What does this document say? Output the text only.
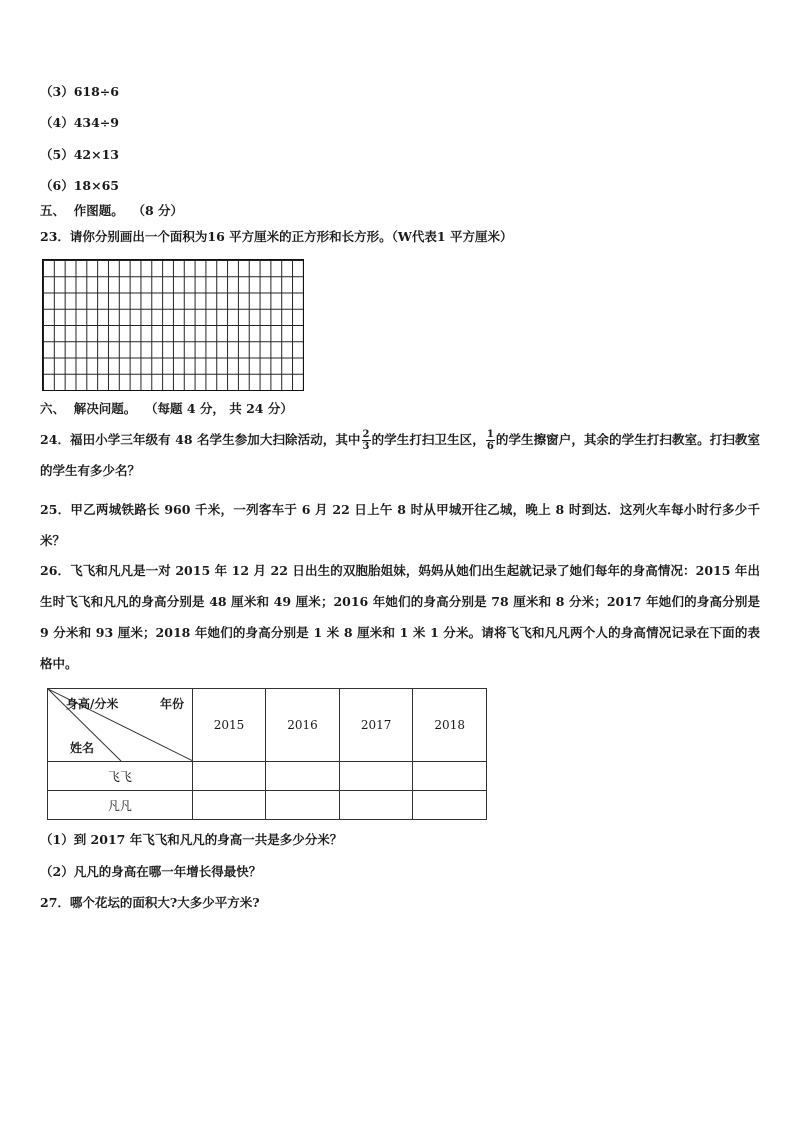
（3）618÷6
（4）434÷9
（5）42×13
（6）18×65
五、 作图题。 （8 分）
23．请你分别画出一个面积为16 平方厘米的正方形和长方形。（W代表1 平方厘米）
六、 解决问题。 （每题 4 分， 共 24 分）
24．福田小学三年级有 48 名学生参加大扫除活动，其中 $\frac{2}{3}$ 的学生打扫卫生区， $\frac{1}{6}$ 的学生擦窗户，其余的学生打扫教室。打扫教室的学生有多少名？
25．甲乙两城铁路长 960 千米，一列客车于 6 月 22 日上午 8 时从甲城开往乙城，晚上 8 时到达．这列火车每小时行多少千米？
26．飞飞和凡凡是一对 2015 年 12 月 22 日出生的双胞胎姐妹，妈妈从她们出生起就记录了她们每年的身高情况：2015 年出生时飞飞和凡凡的身高分别是 48 厘米和 49 厘米；2016 年她们的身高分别是 78 厘米和 8 分米；2017 年她们的身高分别是 9 分米和 93 厘米；2018 年她们的身高分别是 1 米 8 厘米和 1 米 1 分米。请将飞飞和凡凡两个人的身高情况记录在下面的表格中。
身高/分米 年份
姓名	2015	2016	2017	2018
飞飞				
凡凡				
（1）到 2017 年飞飞和凡凡的身高一共是多少分米？
（2）凡凡的身高在哪一年增长得最快？
27．哪个花坛的面积大?大多少平方米?
